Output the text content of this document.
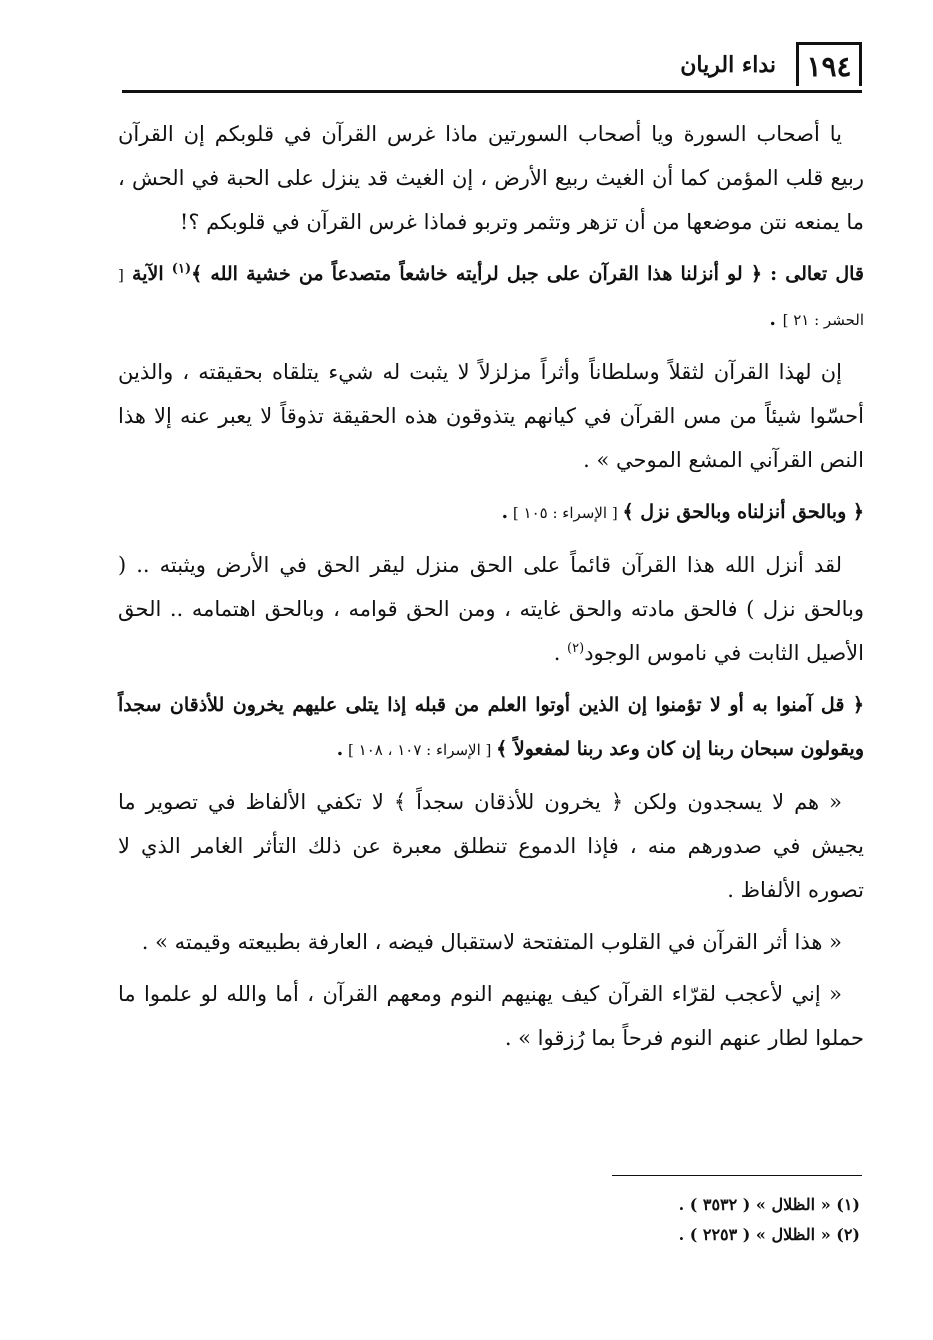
١٩٤
نداء الريان

يا أصحاب السورة ويا أصحاب السورتين ماذا غرس القرآن في قلوبكم إن القرآن ربيع قلب المؤمن كما أن الغيث ربيع الأرض ، إن الغيث قد ينزل على الحبة في الحش ، ما يمنعه نتن موضعها من أن تزهر وتثمر وتربو فماذا غرس القرآن في قلوبكم ؟!

قال تعالى : ﴿ لو أنزلنا هذا القرآن على جبل لرأيته خاشعاً متصدعاً من خشية الله ﴾$^{(١)}$ الآية [ الحشر : ٢١ ] .

إن لهذا القرآن لثقلاً وسلطاناً وأثراً مزلزلاً لا يثبت له شيء يتلقاه بحقيقته ، والذين أحسّوا شيئاً من مس القرآن في كيانهم يتذوقون هذه الحقيقة تذوقاً لا يعبر عنه إلا هذا النص القرآني المشع الموحي » .

﴿ وبالحق أنزلناه وبالحق نزل ﴾ [ الإسراء : ١٠٥ ] .

لقد أنزل الله هذا القرآن قائماً على الحق منزل ليقر الحق في الأرض ويثبته .. ( وبالحق نزل ) فالحق مادته والحق غايته ، ومن الحق قوامه ، وبالحق اهتمامه .. الحق الأصيل الثابت في ناموس الوجود$^{(٢)}$ .

﴿ قل آمنوا به أو لا تؤمنوا إن الذين أوتوا العلم من قبله إذا يتلى عليهم يخرون للأذقان سجداً ويقولون سبحان ربنا إن كان وعد ربنا لمفعولاً ﴾ [ الإسراء : ١٠٧ ، ١٠٨ ] .

« هم لا يسجدون ولكن ﴿ يخرون للأذقان سجداً ﴾ لا تكفي الألفاظ في تصوير ما يجيش في صدورهم منه ، فإذا الدموع تنطلق معبرة عن ذلك التأثر الغامر الذي لا تصوره الألفاظ .

« هذا أثر القرآن في القلوب المتفتحة لاستقبال فيضه ، العارفة بطبيعته وقيمته » .

« إني لأعجب لقرّاء القرآن كيف يهنيهم النوم ومعهم القرآن ، أما والله لو علموا ما حملوا لطار عنهم النوم فرحاً بما رُزقوا » .

(١) « الظلال » ( ٣٥٣٢ ) .
(٢) « الظلال » ( ٢٢٥٣ ) .
